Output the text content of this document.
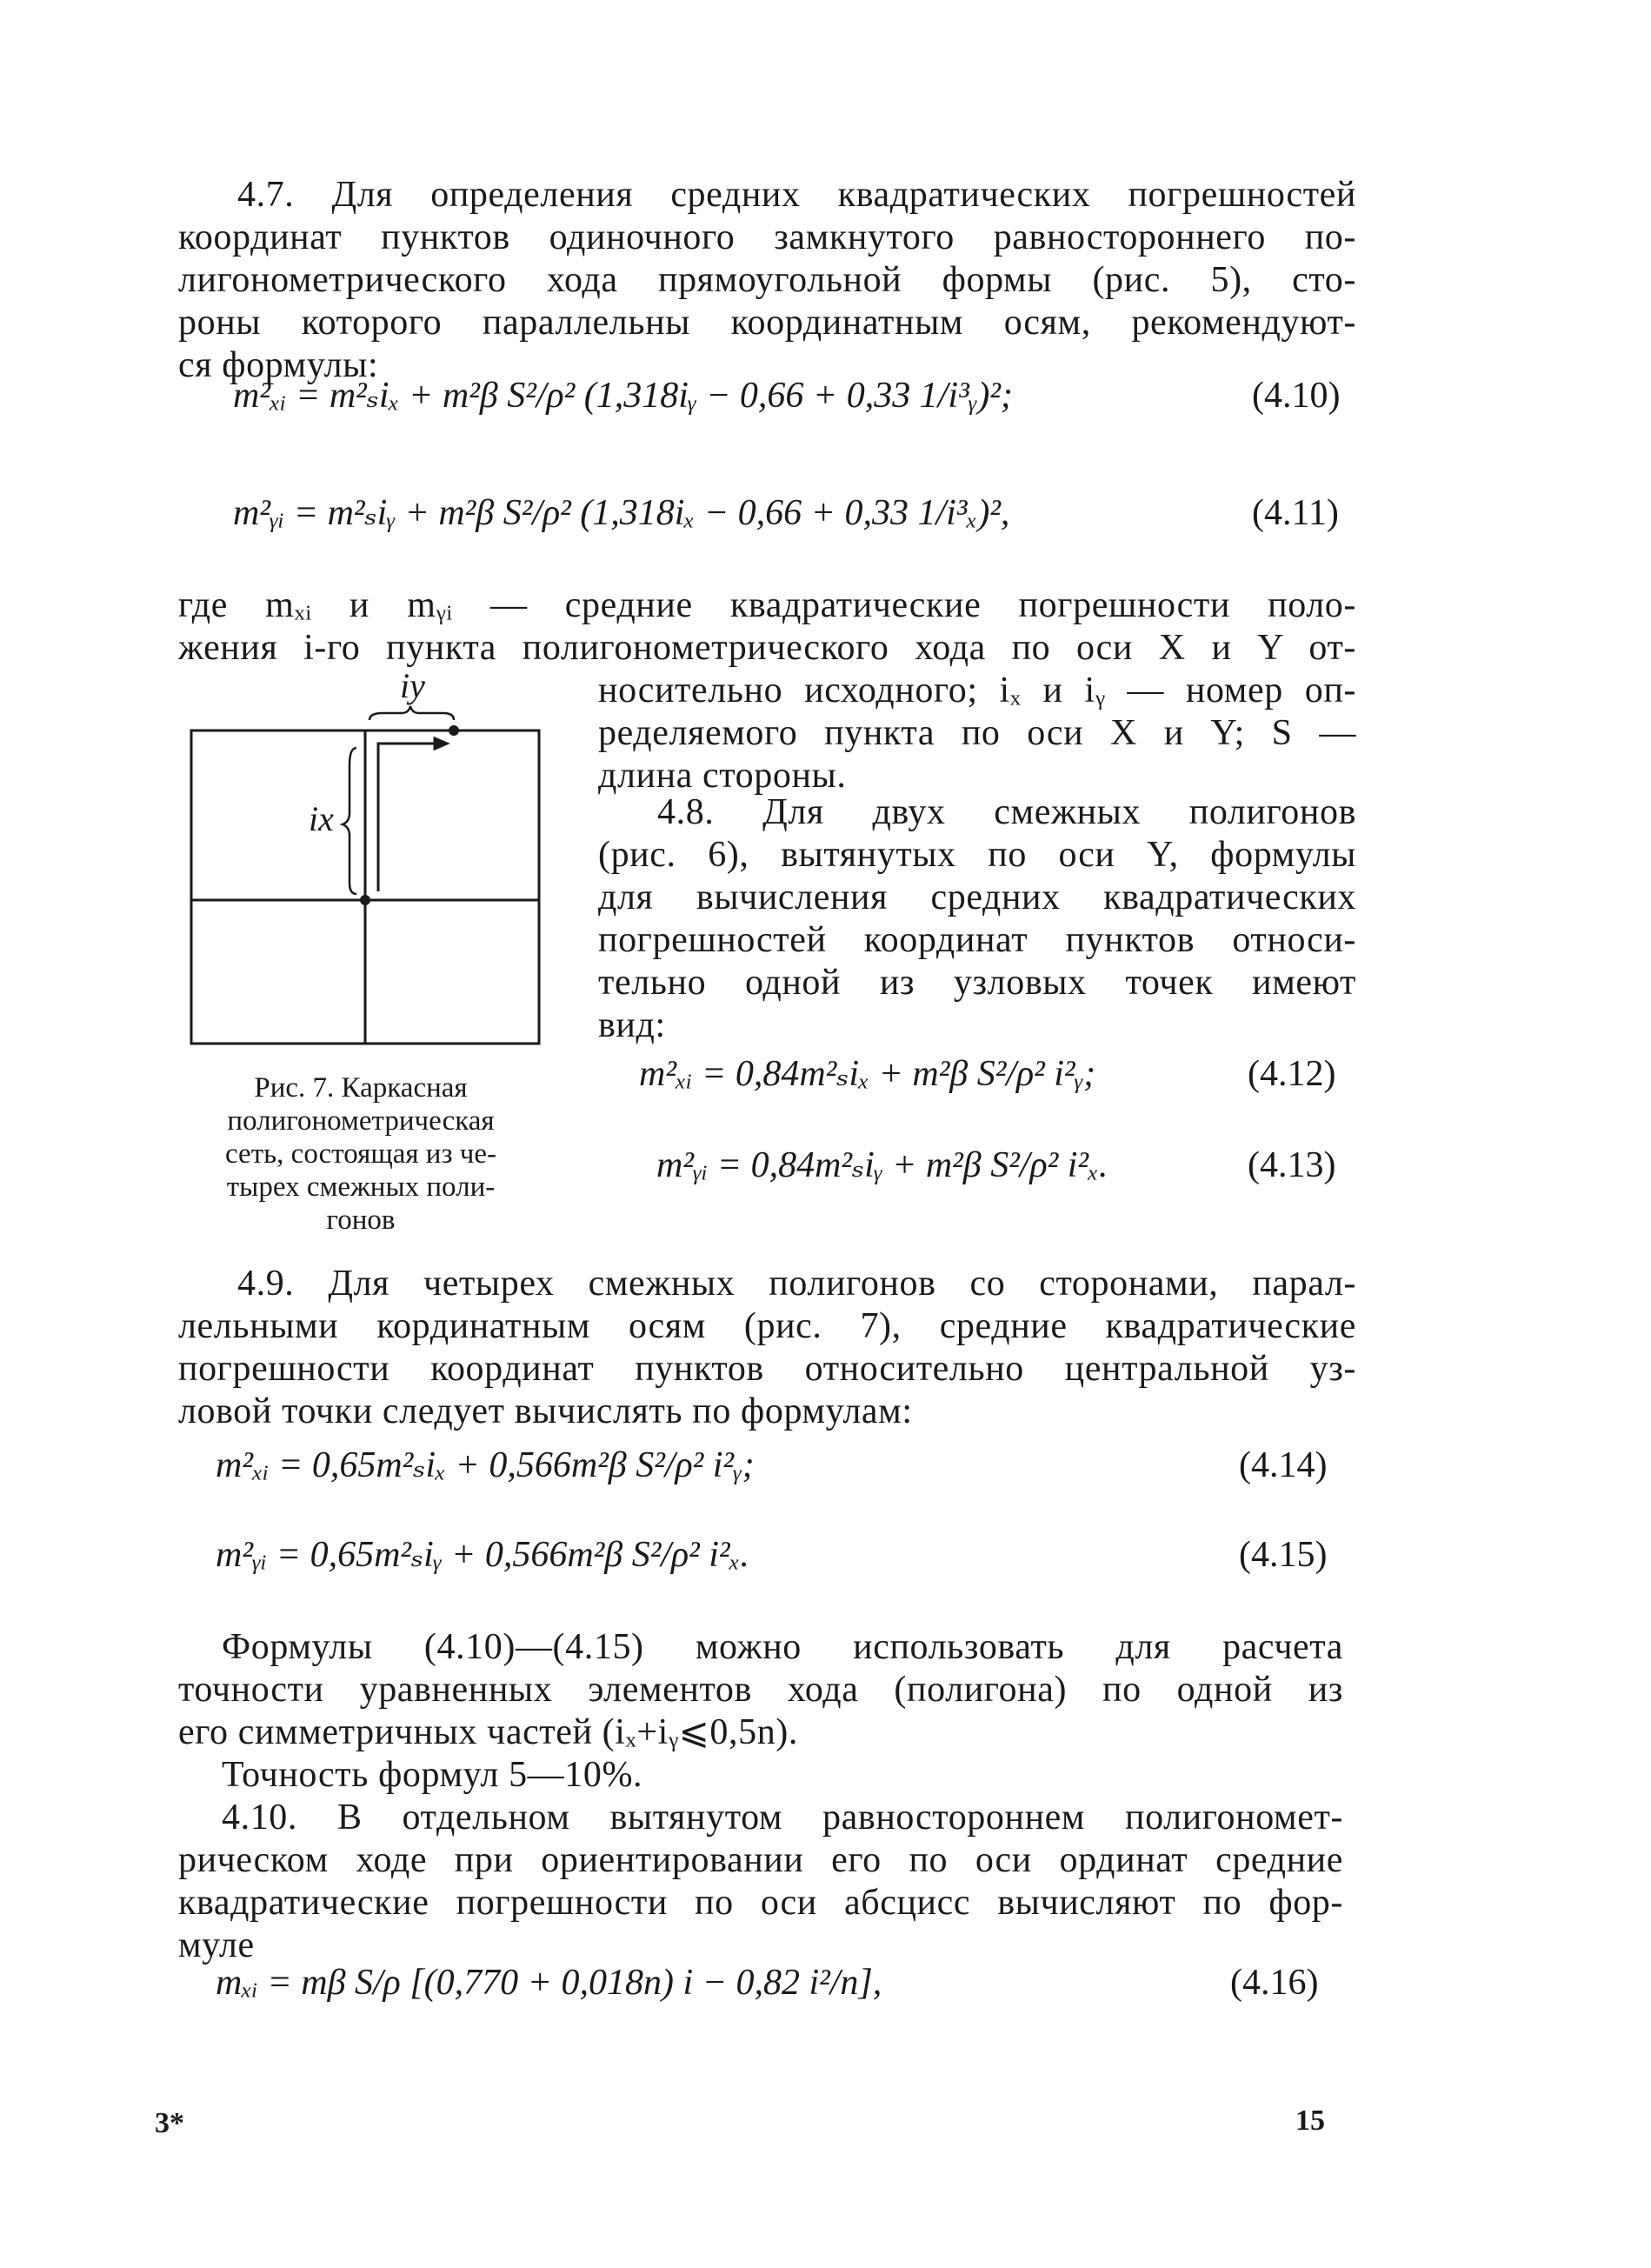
4.7. Для определения средних квадратических погрешностей
координат пунктов одиночного замкнутого равностороннего по-
лигонометрического хода прямоугольной формы (рис. 5), сто-
роны которого параллельны координатным осям, рекомендуют-
ся формулы:
m²ₓᵢ = m²ₛiₓ + m²β S²/ρ² (1,318iᵧ − 0,66 + 0,33 1/i³ᵧ)²;	(4.10)
m²ᵧᵢ = m²ₛiᵧ + m²β S²/ρ² (1,318iₓ − 0,66 + 0,33 1/i³ₓ)²,	(4.11)
где mₓᵢ и mᵧᵢ — средние квадратические погрешности поло-
жения i-го пункта полигонометрического хода по оси X и Y от-
носительно исходного; iₓ и iᵧ — номер оп-
ределяемого пункта по оси X и Y; S —
длина стороны.
4.8. Для двух смежных полигонов
(рис. 6), вытянутых по оси Y, формулы
для вычисления средних квадратических
погрешностей координат пунктов относи-
тельно одной из узловых точек имеют
вид:
m²ₓᵢ = 0,84m²ₛiₓ + m²β S²/ρ² i²ᵧ;	(4.12)
m²ᵧᵢ = 0,84m²ₛiᵧ + m²β S²/ρ² i²ₓ.	(4.13)
iy
ix
Рис. 7. Каркасная
полигонометрическая
сеть, состоящая из че-
тырех смежных поли-
гонов
4.9. Для четырех смежных полигонов со сторонами, парал-
лельными кординатным осям (рис. 7), средние квадратические
погрешности координат пунктов относительно центральной уз-
ловой точки следует вычислять по формулам:
m²ₓᵢ = 0,65m²ₛiₓ + 0,566m²β S²/ρ² i²ᵧ;	(4.14)
m²ᵧᵢ = 0,65m²ₛiᵧ + 0,566m²β S²/ρ² i²ₓ.	(4.15)
Формулы (4.10)—(4.15) можно использовать для расчета
точности уравненных элементов хода (полигона) по одной из
его симметричных частей (iₓ+iᵧ⩽0,5n).
Точность формул 5—10%.
4.10. В отдельном вытянутом равностороннем полигономет-
рическом ходе при ориентировании его по оси ординат средние
квадратические погрешности по оси абсцисс вычисляют по фор-
муле
mₓᵢ = mβ S/ρ [(0,770 + 0,018n) i − 0,82 i²/n],	(4.16)
3*	15
